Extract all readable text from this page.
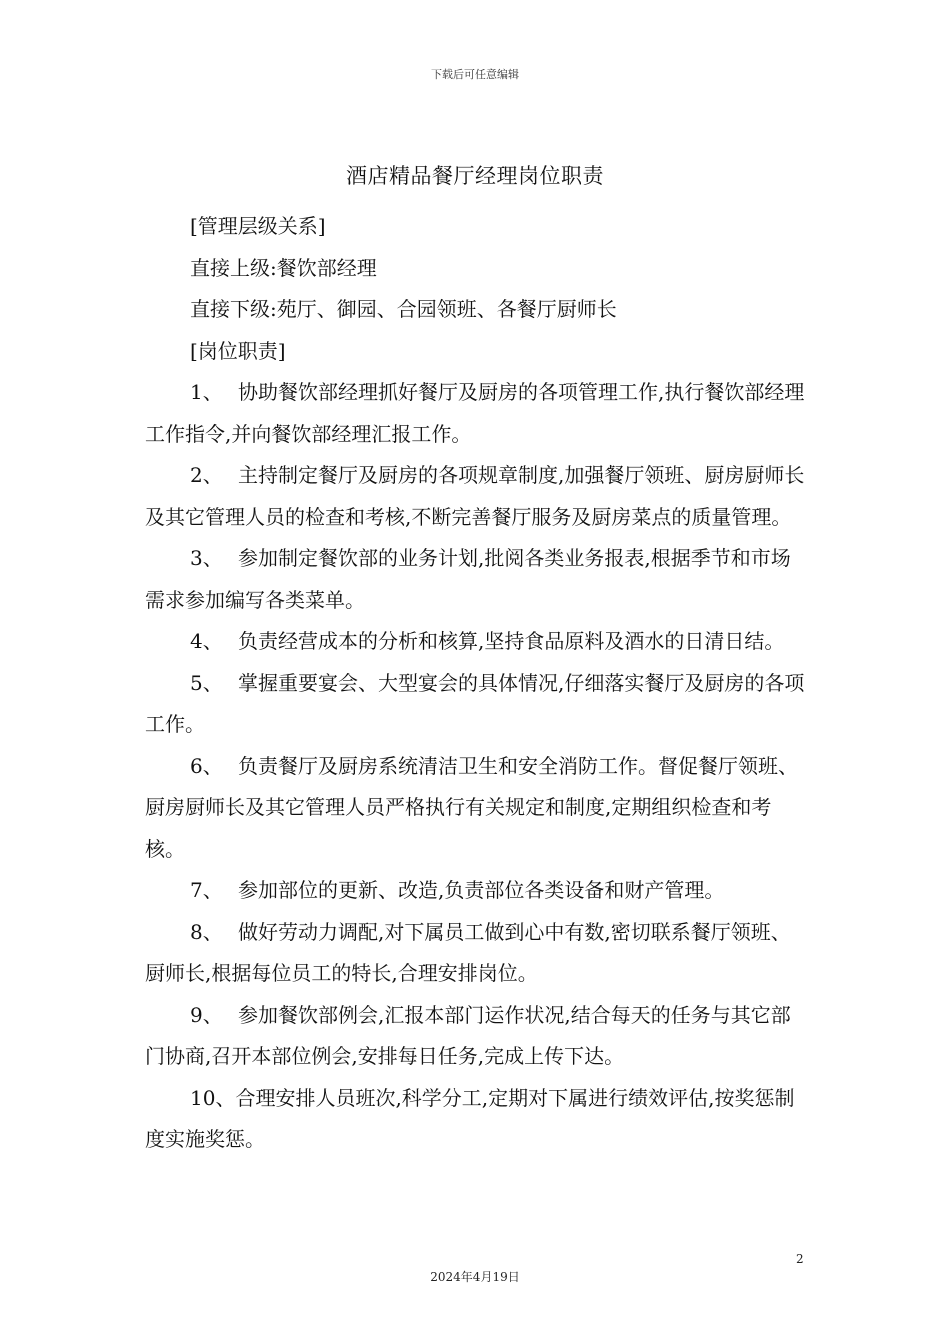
下载后可任意编辑
酒店精品餐厅经理岗位职责

[管理层级关系]

直接上级:餐饮部经理

直接下级:苑厅、御园、合园领班、各餐厅厨师长

[岗位职责]

1、 协助餐饮部经理抓好餐厅及厨房的各项管理工作,执行餐饮部经理工作指令,并向餐饮部经理汇报工作。

2、 主持制定餐厅及厨房的各项规章制度,加强餐厅领班、厨房厨师长及其它管理人员的检查和考核,不断完善餐厅服务及厨房菜点的质量管理。

3、 参加制定餐饮部的业务计划,批阅各类业务报表,根据季节和市场需求参加编写各类菜单。

4、 负责经营成本的分析和核算,坚持食品原料及酒水的日清日结。

5、 掌握重要宴会、大型宴会的具体情况,仔细落实餐厅及厨房的各项工作。

6、 负责餐厅及厨房系统清洁卫生和安全消防工作。督促餐厅领班、厨房厨师长及其它管理人员严格执行有关规定和制度,定期组织检查和考核。

7、 参加部位的更新、改造,负责部位各类设备和财产管理。

8、 做好劳动力调配,对下属员工做到心中有数,密切联系餐厅领班、厨师长,根据每位员工的特长,合理安排岗位。

9、 参加餐饮部例会,汇报本部门运作状况,结合每天的任务与其它部门协商,召开本部位例会,安排每日任务,完成上传下达。

10、合理安排人员班次,科学分工,定期对下属进行绩效评估,按奖惩制度实施奖惩。

2
2024年4月19日
